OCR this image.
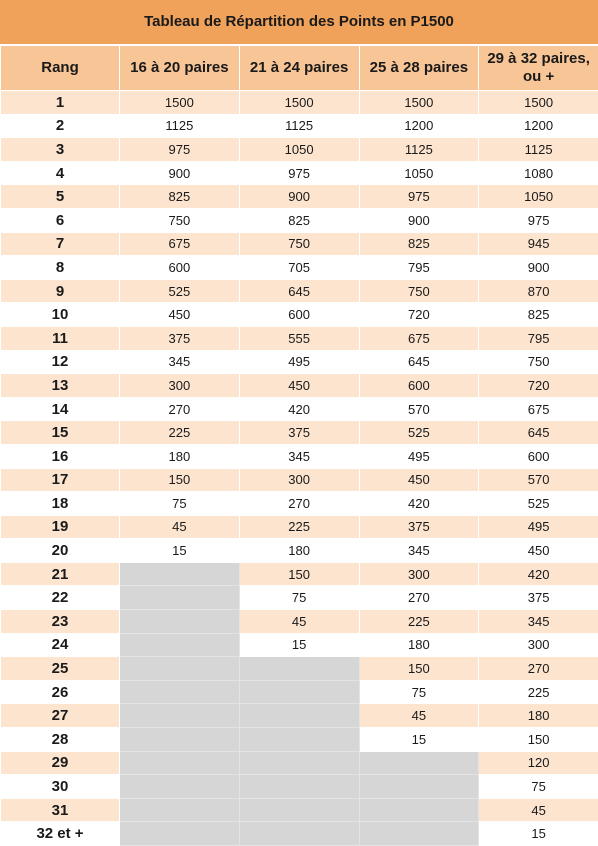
Tableau de Répartition des Points en P1500
Rang	16 à 20 paires	21 à 24 paires	25 à 28 paires	29 à 32 paires, ou +
1	1500	1500	1500	1500
2	1125	1125	1200	1200
3	975	1050	1125	1125
4	900	975	1050	1080
5	825	900	975	1050
6	750	825	900	975
7	675	750	825	945
8	600	705	795	900
9	525	645	750	870
10	450	600	720	825
11	375	555	675	795
12	345	495	645	750
13	300	450	600	720
14	270	420	570	675
15	225	375	525	645
16	180	345	495	600
17	150	300	450	570
18	75	270	420	525
19	45	225	375	495
20	15	180	345	450
21		150	300	420
22		75	270	375
23		45	225	345
24		15	180	300
25			150	270
26			75	225
27			45	180
28			15	150
29				120
30				75
31				45
32 et +				15
